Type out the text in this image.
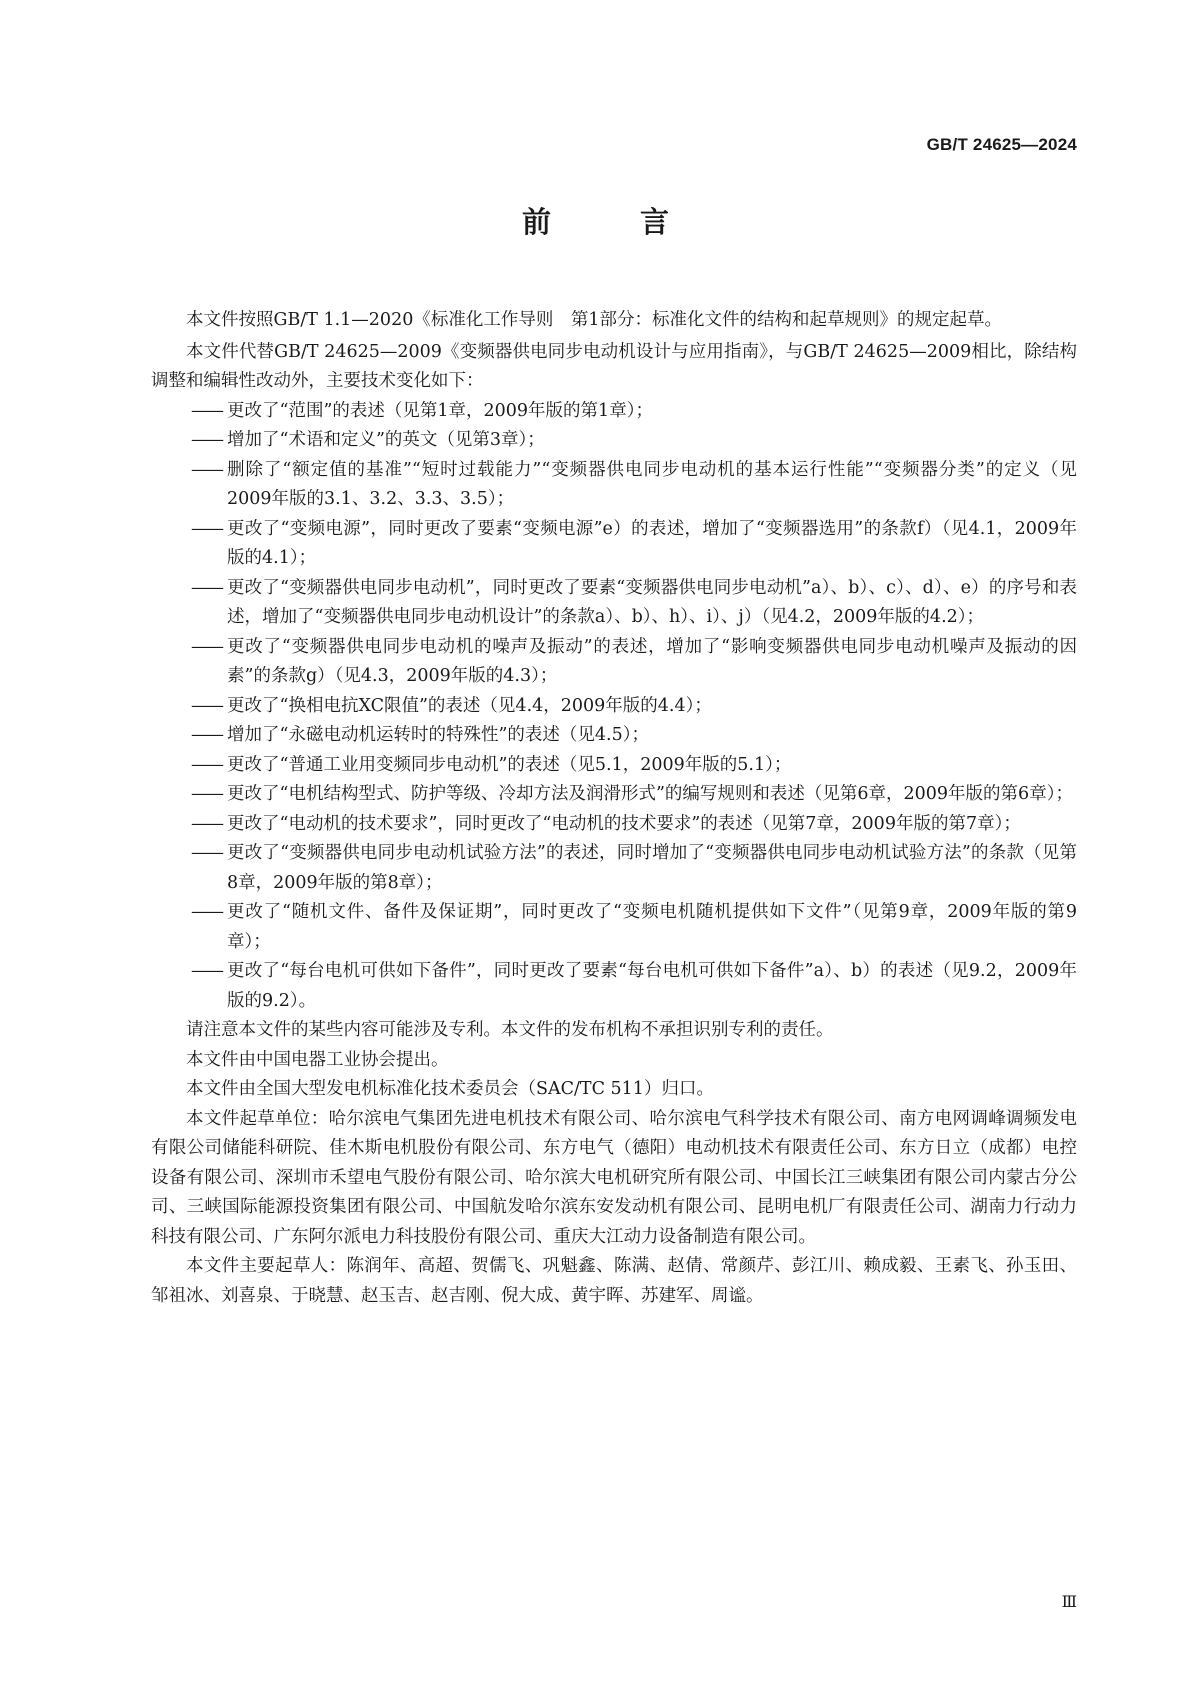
GB/T 24625—2024
前　言

本文件按照GB/T 1.1—2020《标准化工作导则　第1部分：标准化文件的结构和起草规则》的规定起草。

本文件代替GB/T 24625—2009《变频器供电同步电动机设计与应用指南》，与GB/T 24625—2009相比，除结构调整和编辑性改动外，主要技术变化如下：

—— 更改了“范围”的表述（见第1章，2009年版的第1章）；
—— 增加了“术语和定义”的英文（见第3章）；
—— 删除了“额定值的基准”“短时过载能力”“变频器供电同步电动机的基本运行性能”“变频器分类”的定义（见2009年版的3.1、3.2、3.3、3.5）；
—— 更改了“变频电源”，同时更改了要素“变频电源”e）的表述，增加了“变频器选用”的条款f）（见4.1，2009年版的4.1）；
—— 更改了“变频器供电同步电动机”，同时更改了要素“变频器供电同步电动机”a）、b）、c）、d）、e）的序号和表述，增加了“变频器供电同步电动机设计”的条款a）、b）、h）、i）、j）（见4.2，2009年版的4.2）；
—— 更改了“变频器供电同步电动机的噪声及振动”的表述，增加了“影响变频器供电同步电动机噪声及振动的因素”的条款g）（见4.3，2009年版的4.3）；
—— 更改了“换相电抗XC限值”的表述（见4.4，2009年版的4.4）；
—— 增加了“永磁电动机运转时的特殊性”的表述（见4.5）；
—— 更改了“普通工业用变频同步电动机”的表述（见5.1，2009年版的5.1）；
—— 更改了“电机结构型式、防护等级、冷却方法及润滑形式”的编写规则和表述（见第6章，2009年版的第6章）；
—— 更改了“电动机的技术要求”，同时更改了“电动机的技术要求”的表述（见第7章，2009年版的第7章）；
—— 更改了“变频器供电同步电动机试验方法”的表述，同时增加了“变频器供电同步电动机试验方法”的条款（见第8章，2009年版的第8章）；
—— 更改了“随机文件、备件及保证期”，同时更改了“变频电机随机提供如下文件”（见第9章，2009年版的第9章）；
—— 更改了“每台电机可供如下备件”，同时更改了要素“每台电机可供如下备件”a）、b）的表述（见9.2，2009年版的9.2）。

请注意本文件的某些内容可能涉及专利。本文件的发布机构不承担识别专利的责任。

本文件由中国电器工业协会提出。

本文件由全国大型发电机标准化技术委员会（SAC/TC 511）归口。

本文件起草单位：哈尔滨电气集团先进电机技术有限公司、哈尔滨电气科学技术有限公司、南方电网调峰调频发电有限公司储能科研院、佳木斯电机股份有限公司、东方电气（德阳）电动机技术有限责任公司、东方日立（成都）电控设备有限公司、深圳市禾望电气股份有限公司、哈尔滨大电机研究所有限公司、中国长江三峡集团有限公司内蒙古分公司、三峡国际能源投资集团有限公司、中国航发哈尔滨东安发动机有限公司、昆明电机厂有限责任公司、湖南力行动力科技有限公司、广东阿尔派电力科技股份有限公司、重庆大江动力设备制造有限公司。

本文件主要起草人：陈润年、高超、贺儒飞、巩魁鑫、陈满、赵倩、常颜芹、彭江川、赖成毅、王素飞、孙玉田、邹祖冰、刘喜泉、于晓慧、赵玉吉、赵吉刚、倪大成、黄宇晖、苏建军、周谧。

Ⅲ
